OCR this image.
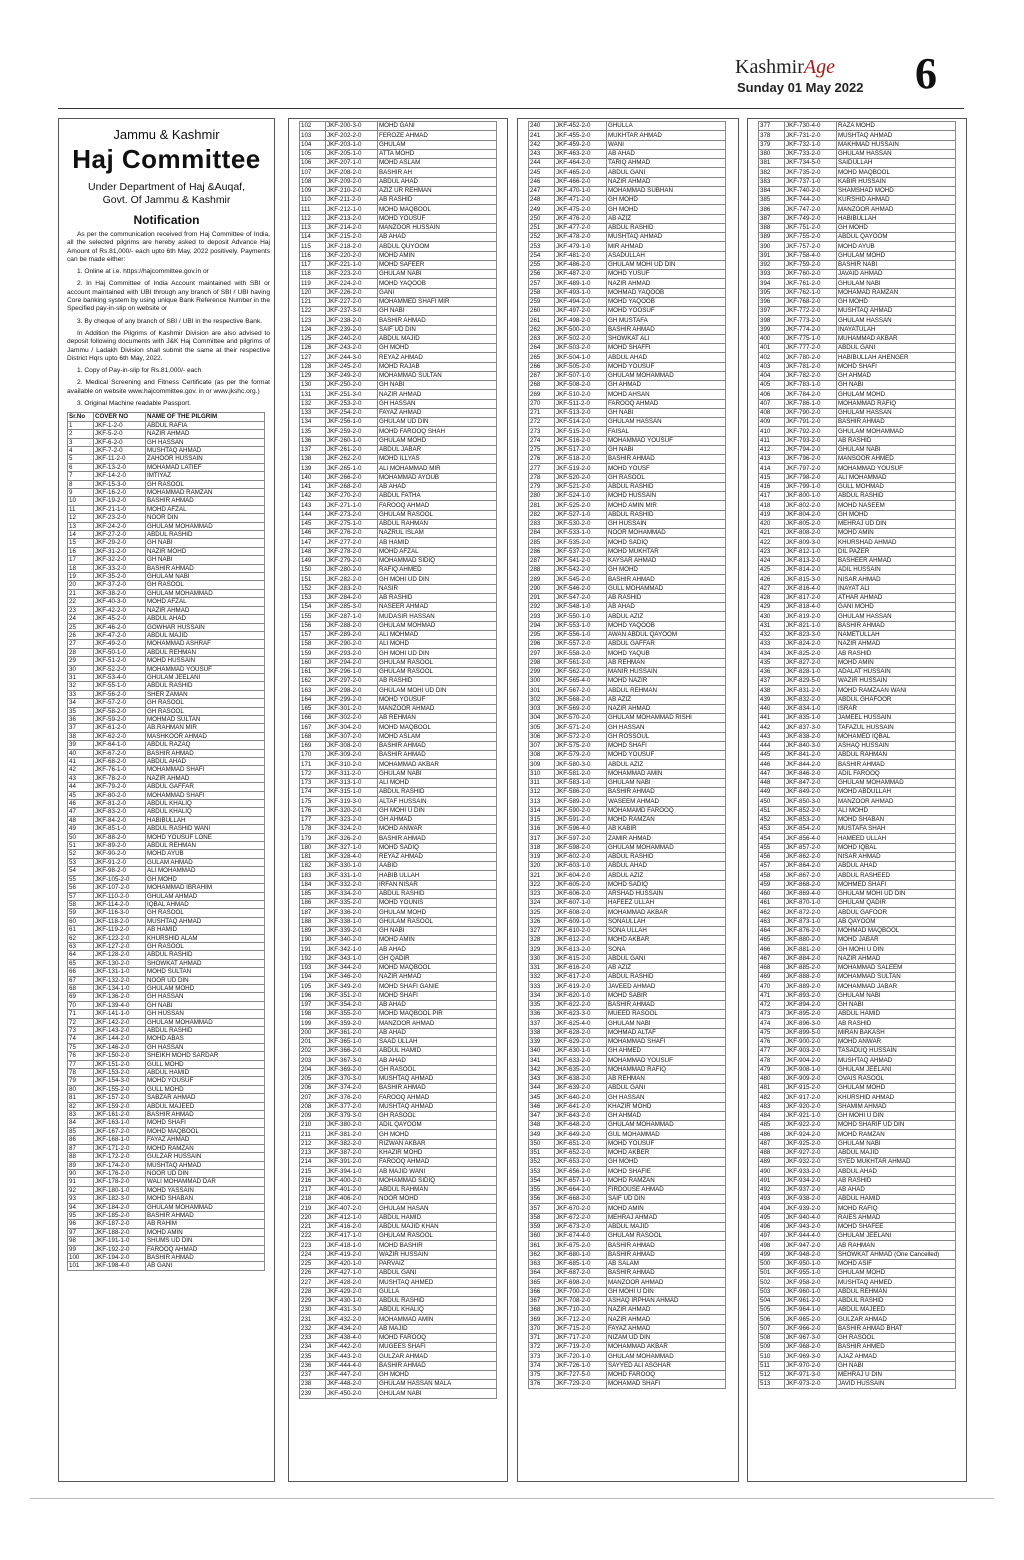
KashmirAge
Sunday 01 May 2022 6
Jammu & Kashmir
Haj Committee
Under Department of Haj &Auqaf,
Govt. Of Jammu & Kashmir
Notification

As per the communication received from Haj Committee of India, all the selected pilgrims are hereby asked to deposit Advance Haj Amount of Rs.81,000/- each upto 6th May, 2022 positively. Payments can be made either:

1. Online at i.e. https://hajcommittee.gov.in or

2. In Haj Committee of India Account maintained with SBI or account maintained with UBI through any branch of SBI / UBI having Core banking system by using unique Bank Reference Number in the Specified pay-in-slip on website or

3. By cheque of any branch of SBI / UBI in the respective Bank.

In Addition the Pilgrims of Kashmir Division are also advised to deposit following documents with J&K Haj Committee and pilgrims of Jammu / Ladakh Division shall submit the same at their respective District Hqrs upto 6th May, 2022.

1. Copy of Pay-in-slip for Rs.81,000/- each

2. Medical Screening and Fitness Certificate (as per the format available on website www.hajcommittee.gov. in or www.jkshc.org.)

3. Original Machine readable Passport.

Sr.No	COVER NO	NAME OF THE PILGRIM
1	JKF-1-2-0	ABDUL RAFIA
2	JKF-5-2-0	NAZIR AHMAD
3	JKF-6-2-0	GH HASSAN
4	JKF-7-2-0	MUSHTAQ AHMAD
5	JKF-11-2-0	ZAHOOR HUSSAIN
6	JKF-13-2-0	MOHAMAD LATIEF
7	JKF-14-2-0	IMTIYAZ
8	JKF-15-3-0	GH RASOOL
9	JKF-16-2-0	MOHAMMAD RAMZAN
10	JKF-19-2-0	BASHIR AHMAD
11	JKF-21-1-0	MOHD AFZAL
12	JKF-23-2-0	NOOR DIN
13	JKF-24-2-0	GHULAM MOHAMMAD
14	JKF-27-2-0	ABDUL RASHID
15	JKF-29-2-0	GH NABI
16	JKF-31-2-0	NAZIR MOHD
17	JKF-32-2-0	GH NABI
18	JKF-33-2-0	BASHIR AHMAD
19	JKF-35-2-0	GHULAM NABI
20	JKF-37-2-0	GH RASOOL
21	JKF-38-2-0	GHULAM MOHAMMAD
22	JKF-40-3-0	MOHD AFZAL
23	JKF-42-2-0	NAZIR AHMAD
24	JKF-45-2-0	ABDUL AHAD
25	JKF-46-2-0	GOWHAR HUSSAIN
26	JKF-47-2-0	ABDUL MAJID
27	JKF-49-2-0	MOHAMMAD ASHRAF
28	JKF-50-1-0	ABDUL REHMAN
29	JKF-51-2-0	MOHD HUSSAIN
30	JKF-52-2-0	MOHAMMAD YOUSUF
31	JKF-53-4-0	GHULAM JEELANI
32	JKF-55-1-0	ABDUL RASHID
33	JKF-56-2-0	SHER ZAMAN
34	JKF-57-2-0	GH RASOOL
35	JKF-58-2-0	GH RASOOL
36	JKF-59-2-0	MOHMAD SULTAN
37	JKF-61-2-0	AB.RAHMAN MIR
38	JKF-62-2-0	MASHKOOR AHMAD
39	JKF-64-1-0	ABDUL RAZAQ
40	JKF-67-2-0	BASHIR AHMAD
41	JKF-68-2-0	ABDUL AHAD
42	JKF-76-1-0	MOHAMMAD SHAFI
43	JKF-78-2-0	NAZIR AHMAD
44	JKF-79-2-0	ABDUL GAFFAR
45	JKF-80-2-0	MOHAMMAD SHAFI
46	JKF-81-2-0	ABDUL KHALIQ
47	JKF-83-2-0	ABDUL KHALIQ
48	JKF-84-2-0	HABIBULLAH
49	JKF-85-1-0	ABDUL RASHID WANI
50	JKF-88-2-0	MOHD YOUSUF LONE
51	JKF-89-2-0	ABDUL REHMAN
52	JKF-90-2-0	MOHD AYUB
53	JKF-91-2-0	GULAM AHMAD
54	JKF-98-2-0	ALI MOHAMMAD
55	JKF-105-2-0	GH MOHD
56	JKF-107-2-0	MOHAMMAD IBRAHIM
57	JKF-110-2-0	GHULAM AHMAD
58	JKF-114-2-0	IQBAL AHMAD
59	JKF-116-3-0	GH RASOOL
60	JKF-118-2-0	MUSHTAQ AHMAD
61	JKF-119-2-0	AB HAMID
62	JKF-122-2-0	KHURSHID ALAM
63	JKF-127-2-0	GH RASOOL
64	JKF-128-2-0	ABDUL RASHID
65	JKF-130-2-0	SHOWKAT AHMAD
66	JKF-131-1-0	MOHD SULTAN
67	JKF-132-2-0	NOOR UD DIN
68	JKF-134-1-0	GHULAM MOHD
69	JKF-136-2-0	GH HASSAN
70	JKF-139-4-0	GH NABI
71	JKF-141-1-0	GH HUSSAN
72	JKF-142-2-0	GHULAM MOHAMMAD
73	JKF-143-2-0	ABDUL RASHID
74	JKF-144-2-0	MOHD ABAS
75	JKF-146-2-0	GH HASSAN
76	JKF-150-2-0	SHEIKH MOHD SARDAR
77	JKF-151-2-0	GULL MOHD
78	JKF-153-2-0	ABDUL HAMID
79	JKF-154-3-0	MOHD YOUSUF
80	JKF-155-2-0	GULL MOHD
81	JKF-157-2-0	SABZAR AHMAD
82	JKF-159-2-0	ABDUL MAJEED
83	JKF-161-2-0	BASHIR AHMAD
84	JKF-163-1-0	MOHD SHAFI
85	JKF-167-2-0	MOHD MAQBOOL
86	JKF-168-1-0	FAYAZ AHMAD
87	JKF-171-2-0	MOHD RAMZAN
88	JKF-172-2-0	GULZAR HUSSAIN
89	JKF-174-2-0	MUSHTAQ AHMAD
90	JKF-176-2-0	NOOR UD DIN
91	JKF-178-2-0	WALI MOHAMMAD DAR
92	JKF-180-1-0	MOHD YASSAIN
93	JKF-182-3-0	MOHD SHABAN
94	JKF-184-2-0	GHULAM MOHAMMAD
95	JKF-185-2-0	BASHIR AHMAD
96	JKF-187-2-0	AB RAHIM
97	JKF-188-2-0	MOHD AMIN
98	JKF-191-1-0	SHUMS UD DIN
99	JKF-192-2-0	FAROOQ AHMAD
100	JKF-194-2-0	BASHIR AHMAD
101	JKF-198-4-0	AB GANI
102	JKF-200-3-0	MOHD GANI
103	JKF-202-2-0	FEROZE AHMAD
104	JKF-203-1-0	GHULAM
105	JKF-205-1-0	ATTA MOHD
106	JKF-207-1-0	MOHD ASLAM
107	JKF-208-2-0	BASHIR AH
108	JKF-209-2-0	ABDUL AHAD
109	JKF-210-2-0	AZIZ UR REHMAN
110	JKF-211-2-0	AB RASHID
111	JKF-212-1-0	MOHD MAQBOOL
112	JKF-213-2-0	MOHD YOUSUF
113	JKF-214-2-0	MANZOOR HUSSAIN
114	JKF-215-2-0	AB AHAD
115	JKF-218-2-0	ABDUL QUYOOM
116	JKF-220-2-0	MOHD AMIN
117	JKF-221-1-0	MOHD SAFEER
118	JKF-223-2-0	GHULAM NABI
119	JKF-224-2-0	MOHD YAQOOB
120	JKF-226-2-0	GANI
121	JKF-227-2-0	MOHAMMED SHAFI MIR
122	JKF-237-3-0	GH NABI
123	JKF-238-2-0	BASHIR AHMAD
124	JKF-239-2-0	SAIF UD DIN
125	JKF-240-2-0	ABDUL MAJID
126	JKF-243-2-0	GH MOHD
127	JKF-244-3-0	REYAZ AHMAD
128	JKF-245-2-0	MOHD RAJAB
129	JKF-249-2-0	MOHAMMAD SULTAN
130	JKF-250-2-0	GH NABI
131	JKF-251-3-0	NAZIR AHMAD
132	JKF-253-2-0	GH HASSAN
133	JKF-254-2-0	FAYAZ AHMAD
134	JKF-256-1-0	GHULAM UD DIN
135	JKF-259-2-0	MOHD FAROOQ SHAH
136	JKF-260-1-0	GHULAM MOHD
137	JKF-261-2-0	ABDUL JABAR
138	JKF-262-2-0	MOHD ILLYAS
139	JKF-265-1-0	ALI MOHAMMAD MIR
140	JKF-266-2-0	MOHAMMAD AYOUB
141	JKF-268-2-0	AB AHAD
142	JKF-270-2-0	ABDUL FATHA
143	JKF-271-1-0	FAROOQ AHMAD
144	JKF-273-2-0	GHULAM RASOOL
145	JKF-275-1-0	ABDUL RAHMAN
146	JKF-276-2-0	NAZRUL ISLAM
147	JKF-277-2-0	AB HAMID
148	JKF-278-2-0	MOHD AFZAL
149	JKF-279-2-0	MOHAMMAD SIDIQ
150	JKF-280-2-0	RAFIQ AHMED
151	JKF-282-2-0	GH MOHI UD DIN
152	JKF-283-2-0	NASIR
153	JKF-284-2-0	AB RASHID
154	JKF-285-3-0	NASEER AHMAD
155	JKF-287-1-0	MUDASIR HASSAN
156	JKF-288-2-0	GHULAM MOHMAD
157	JKF-289-2-0	ALI MOHMAD
158	JKF-290-2-0	ALI MOHD
159	JKF-293-2-0	GH MOHI UD DIN
160	JKF-294-2-0	GHULAM RASOOL
161	JKF-296-1-0	GHULAM RASOOL
162	JKF-297-2-0	AB RASHID
163	JKF-298-2-0	GHULAM MOHI UD DIN
164	JKF-299-2-0	MOHD YOUSUF
165	JKF-301-2-0	MANZOOR AHMAD
166	JKF-302-2-0	AB REHMAN
167	JKF-304-2-0	MOHD MAQBOOL
168	JKF-307-2-0	MOHD ASLAM
169	JKF-308-2-0	BASHIR AHMAD
170	JKF-309-2-0	BASHIR AHMAD
171	JKF-310-2-0	MOHAMMAD AKBAR
172	JKF-311-2-0	GHULAM NABI
173	JKF-313-1-0	ALI MOHD
174	JKF-315-1-0	ABDUL RASHID
175	JKF-319-3-0	ALTAF HUSSAIN
176	JKF-320-2-0	GH MOHI U DIN
177	JKF-323-2-0	GH AHMAD
178	JKF-324-2-0	MOHD ANWAR
179	JKF-326-2-0	BASHIR AHMAD
180	JKF-327-1-0	MOHD SADIQ
181	JKF-328-4-0	REYAZ AHMAD
182	JKF-330-1-0	AABID
183	JKF-331-1-0	HABIB ULLAH
184	JKF-332-2-0	IRFAN NISAR
185	JKF-334-2-0	ABDUL RASHID
186	JKF-335-2-0	MOHD YOUNIS
187	JKF-336-2-0	GHULAM MOHD
188	JKF-338-1-0	GHULAM RASOOL
189	JKF-339-2-0	GH NABI
190	JKF-340-2-0	MOHD AMIN
191	JKF-342-1-0	AB AHAD
192	JKF-343-1-0	GH QADIR
193	JKF-344-2-0	MOHD MAQBOOL
194	JKF-346-2-0	NAZIR AHMAD
195	JKF-349-2-0	MOHD SHAFI GANIE
196	JKF-351-2-0	MOHD SHAFI
197	JKF-354-2-0	AB AHAD
198	JKF-355-2-0	MOHD MAQBOOL PIR
199	JKF-359-2-0	MANZOOR AHMAD
200	JKF-361-2-0	AB AHAD
201	JKF-365-1-0	SAAD ULLAH
202	JKF-366-2-0	ABDUL HAMID
203	JKF-367-3-0	AB AHAD
204	JKF-369-2-0	GH RASOOL
205	JKF-370-3-0	MUSHTAQ AHMAD
206	JKF-374-2-0	BASHIR AHMAD
207	JKF-376-2-0	FAROOQ AHMAD
208	JKF-377-2-0	MUSHTAQ AHMAD
209	JKF-379-3-0	GH RASOOL
210	JKF-380-2-0	ADIL QAYOOM
211	JKF-381-2-0	GH MOHD
212	JKF-382-2-0	RIZWAN AKBAR
213	JKF-387-2-0	KHAZIR MOHD
214	JKF-391-2-0	FAROOQ AHMAD
215	JKF-394-1-0	AB MAJID WANI
216	JKF-400-2-0	MOHAMMAD SIDIQ
217	JKF-401-2-0	ABDUL RAHMAN
218	JKF-406-2-0	NOOR MOHD
219	JKF-407-2-0	GHULAM HASAN
220	JKF-412-1-0	ABDUL HAMID
221	JKF-416-2-0	ABDUL MAJID KHAN
222	JKF-417-1-0	GHULAM RASOOL
223	JKF-418-1-0	MOHD BASHIR
224	JKF-419-2-0	WAZIR HUSSAIN
225	JKF-420-1-0	PARVAIZ
226	JKF-427-1-0	ABDUL GANI
227	JKF-428-2-0	MUSHTAQ AHMED
228	JKF-429-2-0	GULLA
229	JKF-430-1-0	ABDUL RASHID
230	JKF-431-3-0	ABDUL KHALIQ
231	JKF-432-2-0	MOHAMMAD AMIN
232	JKF-434-2-0	AB MAJID
233	JKF-438-4-0	MOHD FAROOQ
234	JKF-442-2-0	MUGEES SHAFI
235	JKF-443-2-0	GULZAR AHMAD
236	JKF-444-4-0	BASHIR AHMAD
237	JKF-447-2-0	GH MOHD
238	JKF-448-2-0	GHULAM HASSAN MALA
239	JKF-450-2-0	GHULAM NABI
240	JKF-452-2-0	GHULLA
241	JKF-455-2-0	MUKHTAR AHMAD
242	JKF-459-2-0	WANI
243	JKF-463-2-0	AB AHAD
244	JKF-464-2-0	TARIQ AHMAD
245	JKF-465-2-0	ABDUL GANI
246	JKF-466-2-0	NAZIR AHMAD
247	JKF-470-1-0	MOHAMMAD SUBHAN
248	JKF-471-2-0	GH MOHD
249	JKF-475-2-0	GH MOHD
250	JKF-476-2-0	AB AZIZ
251	JKF-477-2-0	ABDUL RASHID
252	JKF-478-2-0	MUSHTAQ AHMAD
253	JKF-479-1-0	MIR AHMAD
254	JKF-481-2-0	ASADULLAH
255	JKF-486-2-0	GHULAM MOHI UD DIN
256	JKF-487-2-0	MOHD YUSUF
257	JKF-489-1-0	NAZIR AHMAD
258	JKF-493-1-0	MOHMAD YAQOOB
259	JKF-494-2-0	MOHD YAQOOB
260	JKF-497-2-0	MOHD YOOSUF
261	JKF-498-2-0	GH MUSTAFA
262	JKF-500-2-0	BASHIR AHMAD
263	JKF-502-2-0	SHOWKAT ALI
264	JKF-503-2-0	MOHD SHAFFI
265	JKF-504-1-0	ABDUL AHAD
266	JKF-505-2-0	MOHD YOUSUF
267	JKF-507-1-0	GHULAM MOHAMMAD
268	JKF-508-2-0	GH AHMAD
269	JKF-510-2-0	MOHD AHSAN
270	JKF-511-2-0	FAROOQ AHMAD
271	JKF-513-2-0	GH NABI
272	JKF-514-2-0	GHULAM HASSAN
273	JKF-515-2-0	FAISAL
274	JKF-516-2-0	MOHAMMAD YOUSUF
275	JKF-517-2-0	GH NABI
276	JKF-518-2-0	BASHIR AHMAD
277	JKF-519-2-0	MOHD YOUSF
278	JKF-520-2-0	GH RASOOL
279	JKF-521-2-0	ABDUL RASHID
280	JKF-524-1-0	MOHD HUSSAIN
281	JKF-525-2-0	MOHD AMIN MIR
282	JKF-527-1-0	ABDUL RASHID
283	JKF-530-2-0	GH HUSSAIN
284	JKF-533-1-0	NOOR MOHAMMAD
285	JKF-535-2-0	MOHD SADIQ
286	JKF-537-2-0	MOHD MUKHTAR
287	JKF-541-2-0	KAYSAR AHMAD
288	JKF-542-2-0	GH MOHD
289	JKF-545-2-0	BASHIR AHMAD
290	JKF-546-2-0	GULL MOHAMMAD
291	JKF-547-2-0	AB RASHID
292	JKF-548-1-0	AB AHAD
293	JKF-550-1-0	ABDUL AZIZ
294	JKF-553-1-0	MOHD YAQOOB
295	JKF-556-1-0	AWAN ABDUL QAYOOM
296	JKF-557-2-0	ABDUL GAFFAR
297	JKF-558-2-0	MOHD YAQUB
298	JKF-561-2-0	AB REHMAN
299	JKF-562-2-0	MANIR HUSSAIN
300	JKF-565-4-0	MOHD NAZIR
301	JKF-567-2-0	ABDUL REHMAN
302	JKF-568-2-0	AB AZIZ
303	JKF-569-2-0	NAZIR AHMAD
304	JKF-570-2-0	GHULAM MOHAMMAD RISHI
305	JKF-571-2-0	GH HASSAN
306	JKF-572-2-0	GH ROSSOUL
307	JKF-575-2-0	MOHD SHAFI
308	JKF-579-2-0	MOHD YOUSUF
309	JKF-580-3-0	ABDUL AZIZ
310	JKF-581-2-0	MOHAMMAD AMIN
311	JKF-583-1-0	GHULAM NABI
312	JKF-586-2-0	BASHIR AHMAD
313	JKF-589-2-0	WASEEM AHMAD
314	JKF-590-2-0	MOHAMAMD FAROOQ
315	JKF-591-2-0	MOHD RAMZAN
316	JKF-596-4-0	AB KABIR
317	JKF-597-2-0	ZAMIR AHMAD
318	JKF-598-2-0	GHULAM MOHAMMAD
319	JKF-602-2-0	ABDUL RASHID
320	JKF-603-1-0	ABDUL AHAD
321	JKF-604-2-0	ABDUL AZIZ
322	JKF-605-2-0	MOHD SADIQ
323	JKF-606-2-0	ARSHAD HUSSAIN
324	JKF-607-1-0	HAFEEZ ULLAH
325	JKF-608-2-0	MOHAMMAD AKBAR
326	JKF-609-1-0	SONAULLAH
327	JKF-610-2-0	SONA ULLAH
328	JKF-612-2-0	MOHD AKBAR
329	JKF-613-2-0	SONA
330	JKF-615-2-0	ABDUL GANI
331	JKF-616-2-0	AB AZIZ
332	JKF-617-2-0	ABDUL RASHID
333	JKF-619-2-0	JAVEED AHMAD
334	JKF-620-1-0	MOHD SABIR
335	JKF-622-2-0	BASHIR AHMAD
336	JKF-623-3-0	MUEED RASOOL
337	JKF-625-4-0	GHULAM NABI
338	JKF-628-2-0	MOHMAD ALTAF
339	JKF-629-2-0	MOHAMMAD SHAFI
340	JKF-630-1-0	GH AHMED
341	JKF-633-2-0	MOHAMMAD YOUSUF
342	JKF-635-2-0	MOHAMMAD RAFIQ
343	JKF-638-2-0	AB REHMAN
344	JKF-639-2-0	ABDUL GANI
345	JKF-640-2-0	GH HASSAN
346	JKF-641-2-0	KHAZIR MOHD
347	JKF-643-2-0	GH AHMAD
348	JKF-648-2-0	GHULAM MOHAMMAD
349	JKF-649-2-0	GUL MOHAMMAD
350	JKF-651-2-0	MOHD YOUSUF
351	JKF-652-2-0	MOHD AKBER
352	JKF-653-2-0	GH MOHD
353	JKF-656-2-0	MOHD SHAFIE
354	JKF-657-1-0	MOHD RAMZAN
355	JKF-664-2-0	FIRDOUSE AHMAD
356	JKF-668-2-0	SAIF UD DIN
357	JKF-670-2-0	MOHD AMIN
358	JKF-672-2-0	MEHRAJ AHMAD
359	JKF-673-2-0	ABDUL MAJID
360	JKF-674-4-0	GHULAM RASOOL
361	JKF-675-2-0	BASHIR AHMAD
362	JKF-680-1-0	BASHIR AHMAD
363	JKF-685-1-0	AB SALAM
364	JKF-687-2-0	BASHIR AHMAD
365	JKF-698-2-0	MANZOOR AHMAD
366	JKF-700-2-0	GH MOHI U DIN
367	JKF-708-2-0	ASHAQ IRPHAN AHMAD
368	JKF-710-2-0	NAZIR AHMAD
369	JKF-712-2-0	NAZIR AHMAD
370	JKF-715-2-0	FAYAZ AHMAD
371	JKF-717-2-0	NIZAM UD DIN
372	JKF-719-2-0	MOHAMMAD AKBAR
373	JKF-720-1-0	GHULAM MOHAMMAD
374	JKF-726-1-0	SAYYED ALI ASGHAR
375	JKF-727-5-0	MOHD FAROOQ
376	JKF-729-2-0	MOHAMAD SHAFI
377	JKF-730-4-0	RAZA MOHD
378	JKF-731-2-0	MUSHTAQ AHMAD
379	JKF-732-1-0	MAKHMAD HUSSAIN
380	JKF-733-2-0	GHULAM HASSAN
381	JKF-734-5-0	SAIDULLAH
382	JKF-735-2-0	MOHD MAQBOOL
383	JKF-737-1-0	KABIR HUSSAIN
384	JKF-740-2-0	SHAMSHAD MOHD
385	JKF-744-2-0	KURSHID AHMAD
386	JKF-747-2-0	MANZOOR AHMAD
387	JKF-749-2-0	HABIBULLAH
388	JKF-751-2-0	GH MOHD
389	JKF-755-2-0	ABDUL QAYOOM
390	JKF-757-2-0	MOHD AYUB
391	JKF-758-4-0	GHULAM MOHD
392	JKF-759-2-0	BASHIR NABI
393	JKF-760-2-0	JAVAID AHMAD
394	JKF-761-2-0	GHULAM NABI
395	JKF-762-1-0	MOHAMAD RAMZAN
396	JKF-768-2-0	GH MOHD
397	JKF-772-2-0	MUSHTAQ AHMAD
398	JKF-773-2-0	GHULAM HASSAN
399	JKF-774-2-0	INAYATULAH
400	JKF-775-1-0	MUHAMMAD AKBAR
401	JKF-777-2-0	ABDUL GANI
402	JKF-780-2-0	HABIBULLAH AHENGER
403	JKF-781-2-0	MOHD SHAFI
404	JKF-782-2-0	GH AHMAD
405	JKF-783-1-0	GH NABI
406	JKF-784-2-0	GHULAM MOHD
407	JKF-786-1-0	MOHAMMAD RAFIQ
408	JKF-790-2-0	GHULAM HASSAN
409	JKF-791-2-0	BASHIR AHMAD
410	JKF-792-2-0	GHULAM MOHAMMAD
411	JKF-793-2-0	AB RASHID
412	JKF-794-2-0	GHULAM NABI
413	JKF-796-2-0	MANSOOR AHMED
414	JKF-797-2-0	MOHAMMAD YOUSUF
415	JKF-798-2-0	ALI MOHAMMAD
416	JKF-799-1-0	GULL MOHMAD
417	JKF-800-1-0	ABDUL RASHID
418	JKF-802-2-0	MOHD NASEEM
419	JKF-804-2-0	GH MOHD
420	JKF-805-2-0	MEHRAJ UD DIN
421	JKF-808-2-0	MOHD AMIN
422	JKF-809-3-0	KHURSHAD AHMAD
423	JKF-812-1-0	DIL PAZER
424	JKF-813-2-0	BASHEER AHMAD
425	JKF-814-2-0	ADIL HUSSAIN
426	JKF-815-3-0	NISAR AHMAD
427	JKF-816-4-0	INAYAT ALI
428	JKF-817-2-0	ATHAR AHMAD
429	JKF-818-4-0	GANI MOHD
430	JKF-819-2-0	GHULAM HASSAN
431	JKF-821-1-0	BASHIR AHMAD
432	JKF-823-3-0	NAMETULLAH
433	JKF-824-2-0	NAZIR AHMAD
434	JKF-825-2-0	AB RASHID
435	JKF-827-2-0	MOHD AMIN
436	JKF-828-1-0	ADALAT HUSSAIN
437	JKF-829-5-0	WAZIR HUSSAIN
438	JKF-831-2-0	MOHD RAMZAAN WANI
439	JKF-832-2-0	ABDUL GHAFOOR
440	JKF-834-1-0	ISRAR
441	JKF-835-1-0	JAMEEL HUSSAIN
442	JKF-837-3-0	TAFAZUL HUSSAIN
443	JKF-838-2-0	MOHAMED IQBAL
444	JKF-840-3-0	ASHAQ HUSSAIN
445	JKF-841-2-0	ABDUL RAHMAN
446	JKF-844-2-0	BASHIR AHMAD
447	JKF-846-2-0	ADIL FAROOQ
448	JKF-847-2-0	GHULAM MOHAMMAD
449	JKF-849-2-0	MOHD ABDULLAH
450	JKF-850-3-0	MANZOOR AHMAD
451	JKF-852-2-0	ALI MOHD
452	JKF-853-2-0	MOHD SHABAN
453	JKF-854-2-0	MUSTAFA SHAH
454	JKF-856-4-0	HAMEED ULLAH
455	JKF-857-2-0	MOHD IQBAL
456	JKF-862-2-0	NISAR AHMAD
457	JKF-864-2-0	ABDUL AHAD
458	JKF-867-2-0	ABDUL RASHEED
459	JKF-868-2-0	MOHMED SHAFI
460	JKF-869-4-0	GHULAM MOHI UD DIN
461	JKF-870-1-0	GHULAM QADIR
462	JKF-872-2-0	ABDUL GAFOOR
463	JKF-873-1-0	AB QAYOOM
464	JKF-876-2-0	MOHMAD MAQBOOL
465	JKF-880-2-0	MOHD JABAR
466	JKF-881-2-0	GH MOHI U DIN
467	JKF-884-2-0	NAZIR AHMAD
468	JKF-885-2-0	MOHAMMAD SALEEM
469	JKF-888-2-0	MOHAMMAD SULTAN
470	JKF-889-2-0	MOHAMMAD JABAR
471	JKF-893-2-0	GHULAM NABI
472	JKF-894-2-0	GH NABI
473	JKF-895-2-0	ABDUL HAMID
474	JKF-896-3-0	AB RASHID
475	JKF-899-5-0	MIRAN BAKASH
476	JKF-900-2-0	MOHD ANWAR
477	JKF-903-2-0	TASADUQ HUSSAIN
478	JKF-904-2-0	MUSHTAQ AHMAD
479	JKF-908-1-0	GHULAM JEELANI
480	JKF-909-2-0	OVAIS RASOOL
481	JKF-915-2-0	GHULAM MOHD
482	JKF-917-2-0	KHURSHID AHMAD
483	JKF-920-2-0	SHAMIM AHMAD
484	JKF-921-1-0	GH MOHI U DIN
485	JKF-922-2-0	MOHD SHARIF UD DIN
486	JKF-924-2-0	MOHD RAMZAN
487	JKF-925-2-0	GHULAM NABI
488	JKF-927-2-0	ABDUL MAJID
489	JKF-932-2-0	SYED MUKHTAR AHMAD
490	JKF-933-2-0	ABDUL AHAD
491	JKF-934-2-0	AB RASHID
492	JKF-937-2-0	AB AHAD
493	JKF-938-2-0	ABDUL HAMID
494	JKF-939-2-0	MOHD RAFIQ
495	JKF-940-4-0	RAIES AHMAD
496	JKF-943-2-0	MOHD SHAFEE
497	JKF-944-4-0	GHULAM JEELANI
498	JKF-947-2-0	AB RAHMAN
499	JKF-948-2-0	SHOWKAT AHMAD (One Cancelled)
500	JKF-950-1-0	MOHD ASIF
501	JKF-955-1-0	GHULAM MOHD
502	JKF-958-2-0	MUSHTAQ AHMED
503	JKF-960-1-0	ABDUL REHMAN
504	JKF-961-2-0	ABDUL RASHID
505	JKF-964-1-0	ABDUL MAJEED
506	JKF-965-2-0	GULZAR AHMAD
507	JKF-966-2-0	BASHIR AHMAD BHAT
508	JKF-967-3-0	GH RASOOL
509	JKF-968-2-0	BASHIR AHMED
510	JKF-969-3-0	AJAZ AHMAD
511	JKF-970-2-0	GH NABI
512	JKF-971-3-0	MEHRAJ U DIN
513	JKF-973-2-0	JAVID HUSSAIN
